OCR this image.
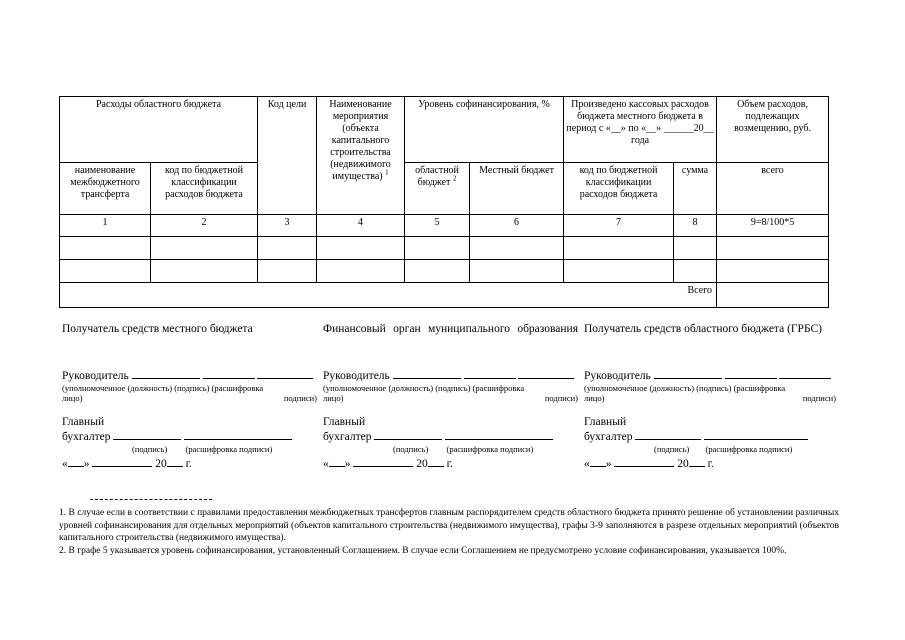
Расходы областного бюджета		Код цели	Наименование мероприятия (объекта капитального строительства (недвижимого имущества) $^1$	Уровень софинансирования, %		Произведено кассовых расходов бюджета местного бюджета в период с «__» по «__» ______20__ года		Объем расходов, подлежащих возмещению, руб.
наименование межбюджетного трансферта	код по бюджетной классификации расходов бюджета			областной бюджет $^2$	Местный бюджет	код по бюджетной классификации расходов бюджета	сумма	всего
1	2	3	4	5	6	7	8	9=8/100*5

Всего								
Получатель средств местного бюджета
Руководитель
(уполномоченное (должность) (подпись) (расшифровка
лицо)	подписи)
Главный
бухгалтер
(подпись) (расшифровка подписи)
« »	20 г.
Финансовый орган муниципального образования
Руководитель
(уполномоченное (должность) (подпись) (расшифровка
лицо)	подписи)
Главный
бухгалтер
(подпись) (расшифровка подписи)
« »	20 г.
Получатель средств областного бюджета (ГРБС)
Руководитель
(уполномоченное (должность) (подпись) (расшифровка
лицо)	подписи)
Главный
бухгалтер
(подпись) (расшифровка подписи)
« »	20 г.

1. В случае если в соответствии с правилами предоставления межбюджетных трансфертов главным распорядителем средств областного бюджета принято решение об установлении различных уровней софинансирования для отдельных мероприятий (объектов капитального строительства (недвижимого имущества), графы 3-9 заполняются в разрезе отдельных мероприятий (объектов капитального строительства (недвижимого имущества).

2. В графе 5 указывается уровень софинансирования, установленный Соглашением. В случае если Соглашением не предусмотрено условие софинансирования, указывается 100%.
